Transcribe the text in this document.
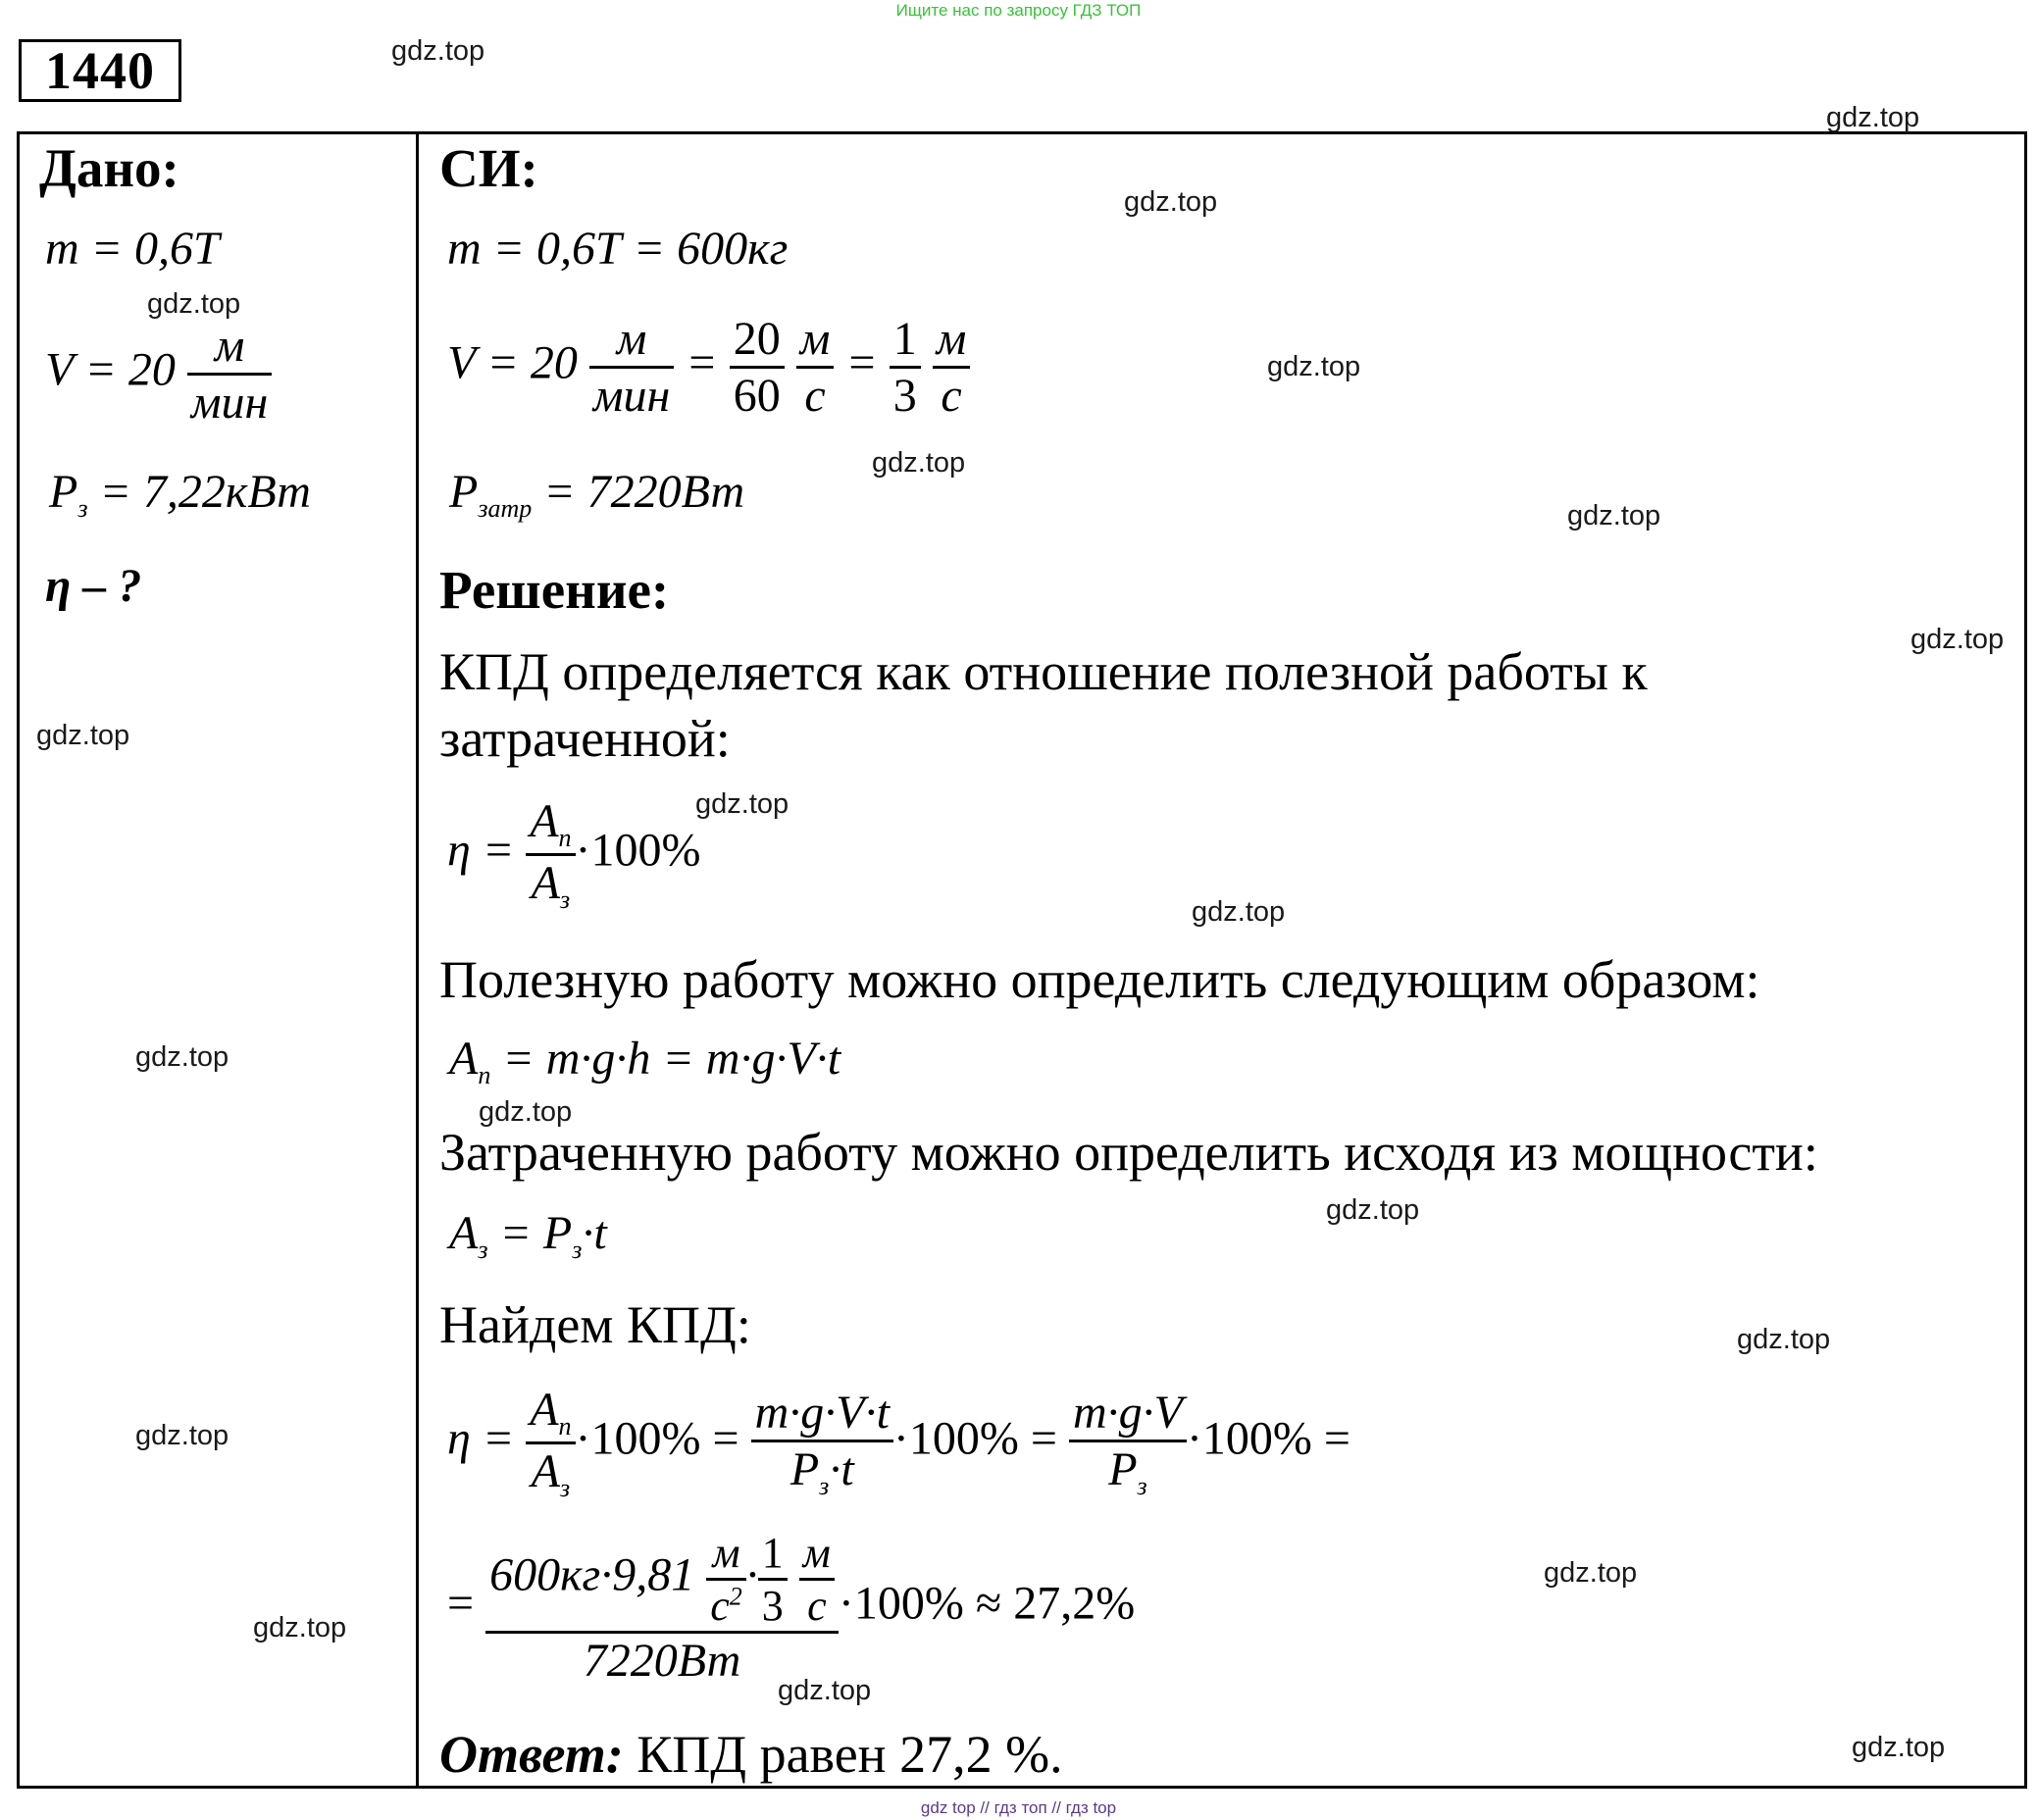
Ищите нас по запросу ГДЗ ТОП
1440
Дано:
m = 0,6Т
$V = 20 \frac{м}{\text{мин}}$
$P_з = 7,22кВт$
η – ?
СИ:
m = 0,6Т = 600кг
$V = 20 \frac{м}{\text{мин}} = \frac{20}{60}$
$\frac{м}{с} = \frac{1}{3}$
$\frac{м}{с}$
$P_{затр} = 7220Вт$
Решение:
КПД определяется как отношение полезной работы к
затраченной:
$\eta = \frac{A_n}{A_з} \cdot 100\%$
Полезную работу можно определить следующим образом:
$A_n = m\cdot g\cdot h = m\cdot g\cdot V\cdot t$
Затраченную работу можно определить исходя из мощности:
$A_з = P_з\cdot t$
Найдем КПД:
$\eta = \frac{A_n}{A_з} \cdot 100\% = \frac{m\cdot g\cdot V\cdot t}{P_з\cdot t} \cdot 100\% = \frac{m\cdot g\cdot V}{P_з} \cdot 100\%$ =
=
$600кг\cdot 9,81 \frac{м}{с^2} \cdot \frac{1}{3}$
$\frac{м}{с}$
7220Вт
·100% ≈ 27,2%
Ответ: КПД равен 27,2 %.
gdz.top
gdz.top
gdz.top
gdz.top
gdz.top
gdz.top
gdz.top
gdz.top
gdz.top
gdz.top
gdz.top
gdz.top
gdz.top
gdz.top
gdz.top
gdz.top
gdz.top
gdz.top
gdz.top
gdz.top
gdz top // гдз топ // гдз top
